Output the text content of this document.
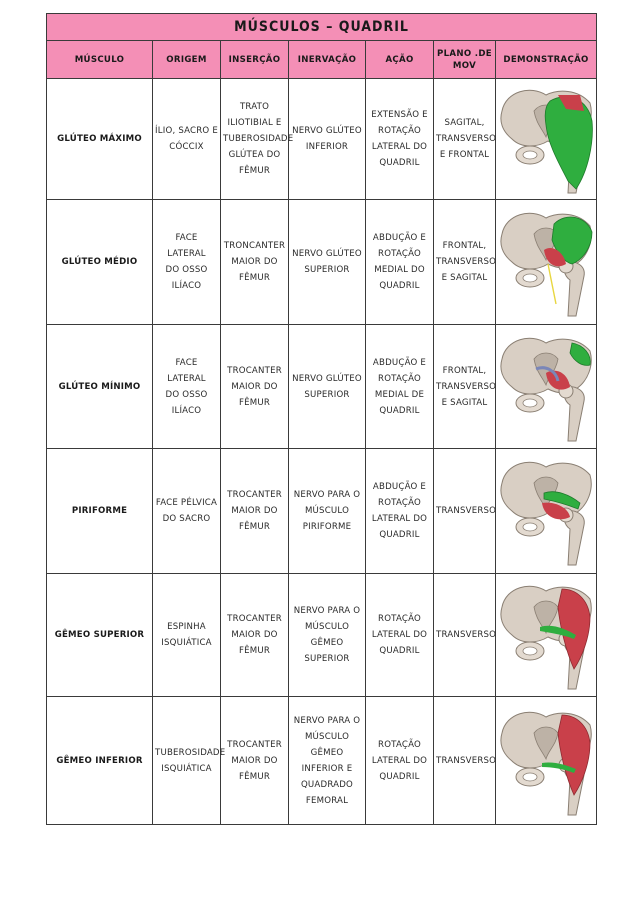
MÚSCULOS – QUADRIL						
MÚSCULO	ORIGEM	INSERÇÃO	INERVAÇÃO	AÇÃO	PLANO .DE
MOV	DEMONSTRAÇÃO
GLÚTEO MÁXIMO	ÍLIO, SACRO E
CÓCCIX	TRATO
ILIOTIBIAL E
TUBEROSIDADE
GLÚTEA DO
FÊMUR	NERVO GLÚTEO
INFERIOR	EXTENSÃO E
ROTAÇÃO
LATERAL DO
QUADRIL	SAGITAL,
TRANSVERSO
E FRONTAL	

GLÚTEO MÉDIO	FACE LATERAL
DO OSSO
ILÍACO	TRONCANTER
MAIOR DO
FÊMUR	NERVO GLÚTEO
SUPERIOR	ABDUÇÃO E
ROTAÇÃO
MEDIAL DO
QUADRIL	FRONTAL,
TRANSVERSO
E SAGITAL	

GLÚTEO MÍNIMO	FACE LATERAL
DO OSSO
ILÍACO	TROCANTER
MAIOR DO
FÊMUR	NERVO GLÚTEO
SUPERIOR	ABDUÇÃO E
ROTAÇÃO
MEDIAL DE
QUADRIL	FRONTAL,
TRANSVERSO
E SAGITAL	

PIRIFORME	FACE PÉLVICA
DO SACRO	TROCANTER
MAIOR DO
FÊMUR	NERVO PARA O
MÚSCULO
PIRIFORME	ABDUÇÃO E
ROTAÇÃO
LATERAL DO
QUADRIL	TRANSVERSO	

GÊMEO SUPERIOR	ESPINHA
ISQUIÁTICA	TROCANTER
MAIOR DO
FÊMUR	NERVO PARA O
MÚSCULO GÊMEO
SUPERIOR	ROTAÇÃO
LATERAL DO
QUADRIL	TRANSVERSO	

GÊMEO INFERIOR	TUBEROSIDADE
ISQUIÁTICA	TROCANTER
MAIOR DO
FÊMUR	NERVO PARA O
MÚSCULO GÊMEO
INFERIOR E
QUADRADO
FEMORAL	ROTAÇÃO
LATERAL DO
QUADRIL	TRANSVERSO	
